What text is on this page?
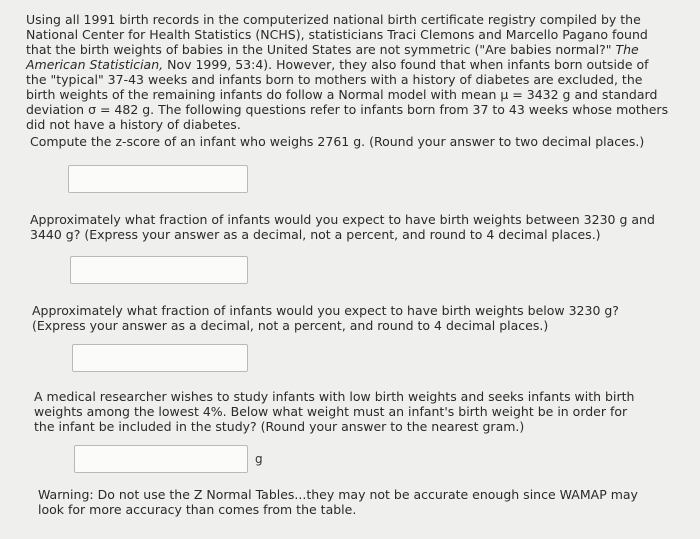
Using all 1991 birth records in the computerized national birth certificate registry compiled by the National Center for Health Statistics (NCHS), statisticians Traci Clemons and Marcello Pagano found that the birth weights of babies in the United States are not symmetric ("Are babies normal?" The American Statistician, Nov 1999, 53:4). However, they also found that when infants born outside of the "typical" 37-43 weeks and infants born to mothers with a history of diabetes are excluded, the birth weights of the remaining infants do follow a Normal model with mean μ = 3432 g and standard deviation σ = 482 g. The following questions refer to infants born from 37 to 43 weeks whose mothers did not have a history of diabetes.

Compute the z-score of an infant who weighs 2761 g. (Round your answer to two decimal places.)

Approximately what fraction of infants would you expect to have birth weights between 3230 g and 3440 g? (Express your answer as a decimal, not a percent, and round to 4 decimal places.)

Approximately what fraction of infants would you expect to have birth weights below 3230 g? (Express your answer as a decimal, not a percent, and round to 4 decimal places.)

A medical researcher wishes to study infants with low birth weights and seeks infants with birth weights among the lowest 4%. Below what weight must an infant's birth weight be in order for the infant be included in the study? (Round your answer to the nearest gram.)

g

Warning: Do not use the Z Normal Tables...they may not be accurate enough since WAMAP may look for more accuracy than comes from the table.
